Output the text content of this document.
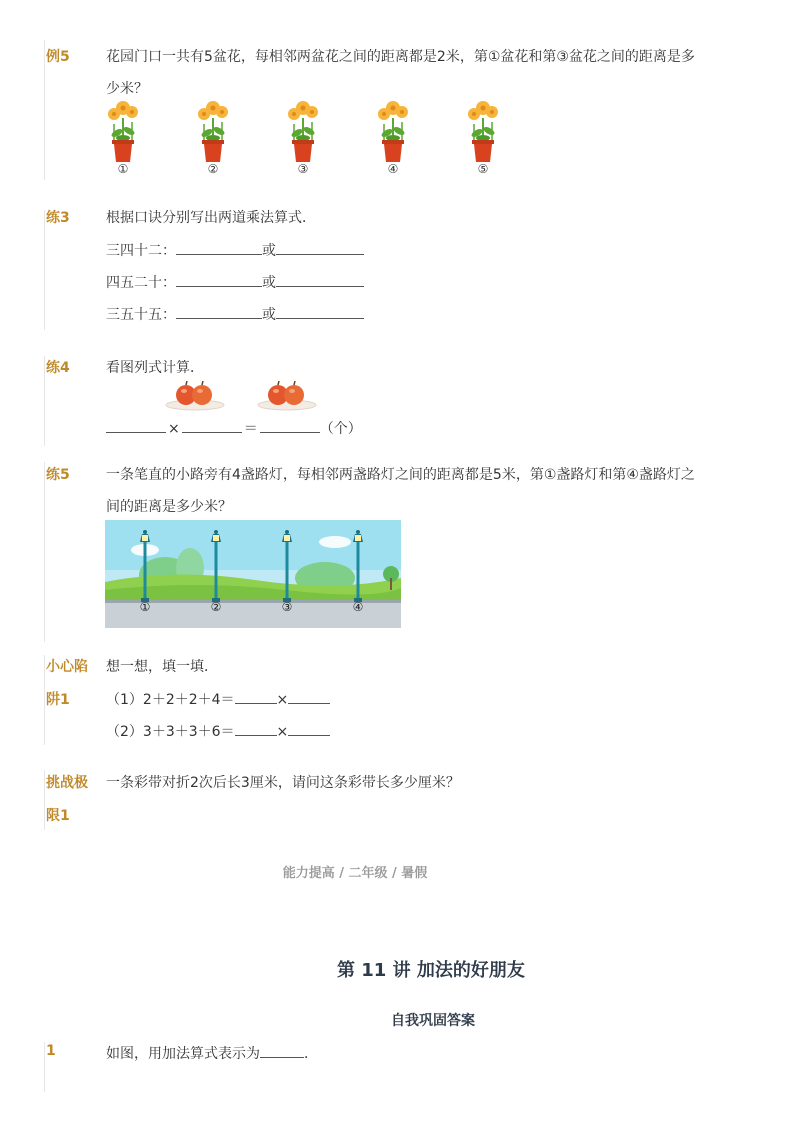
例5	花园门口一共有5盆花，每相邻两盆花之间的距离都是2米，第①盆花和第③盆花之间的距离是多
少米？
①	②	③	④	⑤
练3	根据口诀分别写出两道乘法算式．
三四十二：	或
四五二十：	或
三五十五：	或
练4	看图列式计算．
×	＝	（个）
练5	一条笔直的小路旁有4盏路灯，每相邻两盏路灯之间的距离都是5米，第①盏路灯和第④盏路灯之
间的距离是多少米？
①	②	③	④
小心陷
阱1
想一想，填一填．
（1）2＋2＋2＋4＝	×
（2）3＋3＋3＋6＝	×
挑战极
限1
一条彩带对折2次后长3厘米，请问这条彩带长多少厘米？
能力提高 / 二年级 / 暑假
第 11 讲 加法的好朋友
自我巩固答案
1	如图，用加法算式表示为	．
